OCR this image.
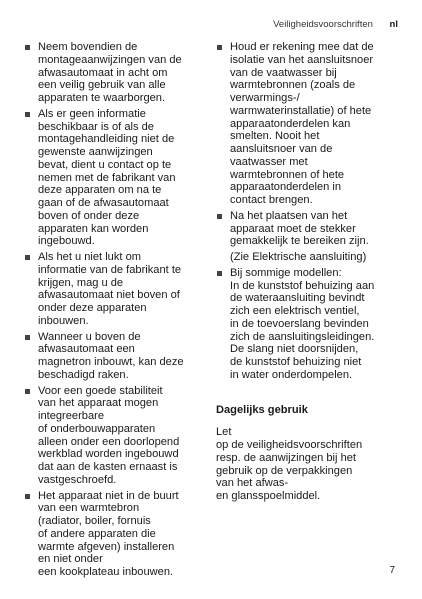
Veiligheidsvoorschriften nl
Neem bovendien de
montageaanwijzingen van de
afwasautomaat in acht om
een veilig gebruik van alle
apparaten te waarborgen.
Als er geen informatie
beschikbaar is of als de
montagehandleiding niet de
gewenste aanwijzingen
bevat, dient u contact op te
nemen met de fabrikant van
deze apparaten om na te
gaan of de afwasautomaat
boven of onder deze
apparaten kan worden
ingebouwd.
Als het u niet lukt om
informatie van de fabrikant te
krijgen, mag u de
afwasautomaat niet boven of
onder deze apparaten
inbouwen.
Wanneer u boven de
afwasautomaat een
magnetron inbouwt, kan deze
beschadigd raken.
Voor een goede stabiliteit
van het apparaat mogen
integreerbare
of onderbouwapparaten
alleen onder een doorlopend
werkblad worden ingebouwd
dat aan de kasten ernaast is
vastgeschroefd.
Het apparaat niet in de buurt
van een warmtebron
(radiator, boiler, fornuis
of andere apparaten die
warmte afgeven) installeren
en niet onder
een kookplateau inbouwen.
Houd er rekening mee dat de
isolatie van het aansluitsnoer
van de vaatwasser bij
warmtebronnen (zoals de
verwarmings-/
warmwaterinstallatie) of hete
apparaatonderdelen kan
smelten. Nooit het
aansluitsnoer van de
vaatwasser met
warmtebronnen of hete
apparaatonderdelen in
contact brengen.
Na het plaatsen van het
apparaat moet de stekker
gemakkelijk te bereiken zijn.
(Zie Elektrische aansluiting)
Bij sommige modellen:
In de kunststof behuizing aan
de wateraansluiting bevindt
zich een elektrisch ventiel,
in de toevoerslang bevinden
zich de aansluitingsleidingen.
De slang niet doorsnijden,
de kunststof behuizing niet
in water onderdompelen.
Dagelijks gebruik
Let
op de veiligheidsvoorschriften
resp. de aanwijzingen bij het
gebruik op de verpakkingen
van het afwas-
en glansspoelmiddel.
7
